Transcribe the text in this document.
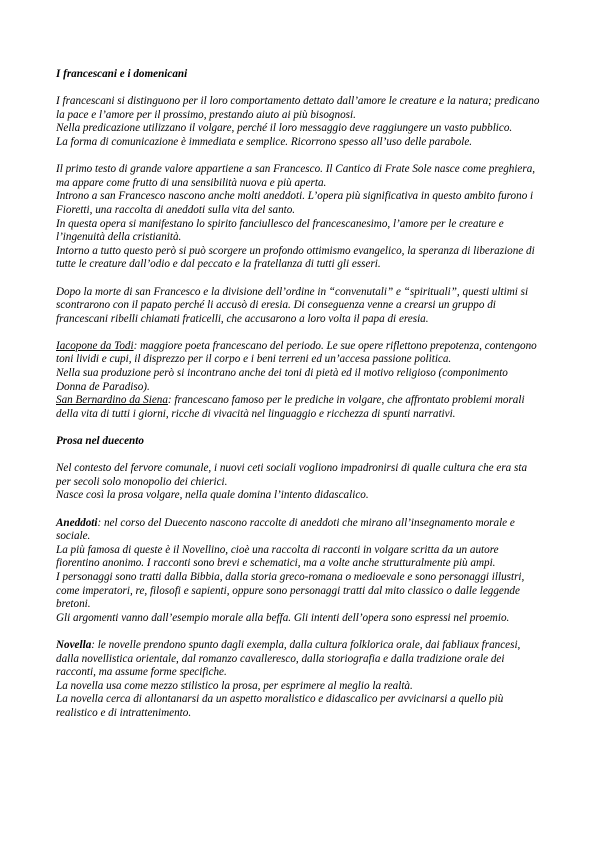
I francescani e i domenicani
I francescani si distinguono per il loro comportamento dettato dall’amore le creature e la natura; predicano la pace e l’amore per il prossimo, prestando aiuto ai più bisognosi.
Nella predicazione utilizzano il volgare, perché il loro messaggio deve raggiungere un vasto pubblico.
La forma di comunicazione è immediata e semplice. Ricorrono spesso all’uso delle parabole.
Il primo testo di grande valore appartiene a san Francesco. Il Cantico di Frate Sole nasce come preghiera, ma appare come frutto di una sensibilità nuova e più aperta.
Introno a san Francesco nascono anche molti aneddoti. L’opera più significativa in questo ambito furono i Fioretti, una raccolta di aneddoti sulla vita del santo.
In questa opera si manifestano lo spirito fanciullesco del francescanesimo, l’amore per le creature e l’ingenuità della cristianità.
Intorno a tutto questo però si può scorgere un profondo ottimismo evangelico, la speranza di liberazione di tutte le creature dall’odio e dal peccato e la fratellanza di tutti gli esseri.
Dopo la morte di san Francesco e la divisione dell’ordine in “convenutali” e “spirituali”, questi ultimi si scontrarono con il papato perché li accusò di eresia. Di conseguenza venne a crearsi un gruppo di francescani ribelli chiamati fraticelli, che accusarono a loro volta il papa di eresia.
Iacopone da Todi: maggiore poeta francescano del periodo. Le sue opere riflettono prepotenza, contengono toni lividi e cupi, il disprezzo per il corpo e i beni terreni ed un’accesa passione politica.
Nella sua produzione però si incontrano anche dei toni di pietà ed il motivo religioso (componimento Donna de Paradiso).
San Bernardino da Siena: francescano famoso per le prediche in volgare, che affrontato problemi morali della vita di tutti i giorni, ricche di vivacità nel linguaggio e ricchezza di spunti narrativi.
Prosa nel duecento
Nel contesto del fervore comunale, i nuovi ceti sociali vogliono impadronirsi di qualle cultura che era sta per secoli solo monopolio dei chierici.
Nasce così la prosa volgare, nella quale domina l’intento didascalico.
Aneddoti: nel corso del Duecento nascono raccolte di aneddoti che mirano all’insegnamento morale e sociale.
La più famosa di queste è il Novellino, cioè una raccolta di racconti in volgare scritta da un autore fiorentino anonimo. I racconti sono brevi e schematici, ma a volte anche strutturalmente più ampi.
I personaggi sono tratti dalla Bibbia, dalla storia greco-romana o medioevale e sono personaggi illustri, come imperatori, re, filosofi e sapienti, oppure sono personaggi tratti dal mito classico o dalle leggende bretoni.
Gli argomenti vanno dall’esempio morale alla beffa. Gli intenti dell’opera sono espressi nel proemio.
Novella: le novelle prendono spunto dagli exempla, dalla cultura folklorica orale, dai fabliaux francesi, dalla novellistica orientale, dal romanzo cavalleresco, dalla storiografia e dalla tradizione orale dei racconti, ma assume forme specifiche.
La novella usa come mezzo stilistico la prosa, per esprimere al meglio la realtà.
La novella cerca di allontanarsi da un aspetto moralistico e didascalico per avvicinarsi a quello più realistico e di intrattenimento.
